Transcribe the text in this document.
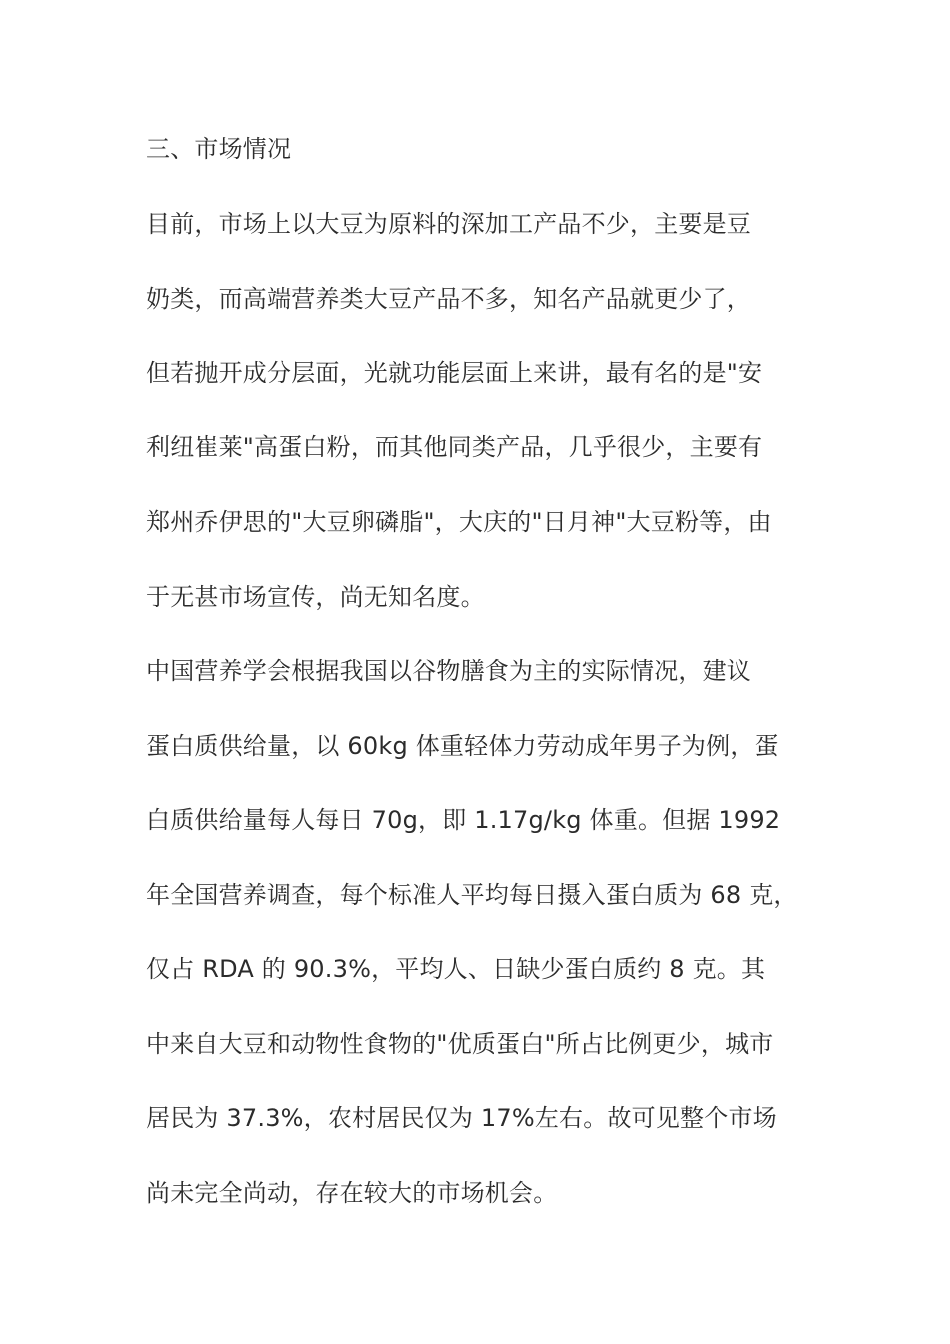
三、市场情况
目前，市场上以大豆为原料的深加工产品不少，主要是豆
奶类，而高端营养类大豆产品不多，知名产品就更少了，
但若抛开成分层面，光就功能层面上来讲，最有名的是"安
利纽崔莱"高蛋白粉，而其他同类产品，几乎很少，主要有
郑州乔伊思的"大豆卵磷脂"，大庆的"日月神"大豆粉等，由
于无甚市场宣传，尚无知名度。
中国营养学会根据我国以谷物膳食为主的实际情况，建议
蛋白质供给量，以 60kg 体重轻体力劳动成年男子为例，蛋
白质供给量每人每日 70g，即 1.17g/kg 体重。但据 1992
年全国营养调查，每个标准人平均每日摄入蛋白质为 68 克，
仅占 RDA 的 90.3%，平均人、日缺少蛋白质约 8 克。其
中来自大豆和动物性食物的"优质蛋白"所占比例更少，城市
居民为 37.3%，农村居民仅为 17%左右。故可见整个市场
尚未完全尚动，存在较大的市场机会。
